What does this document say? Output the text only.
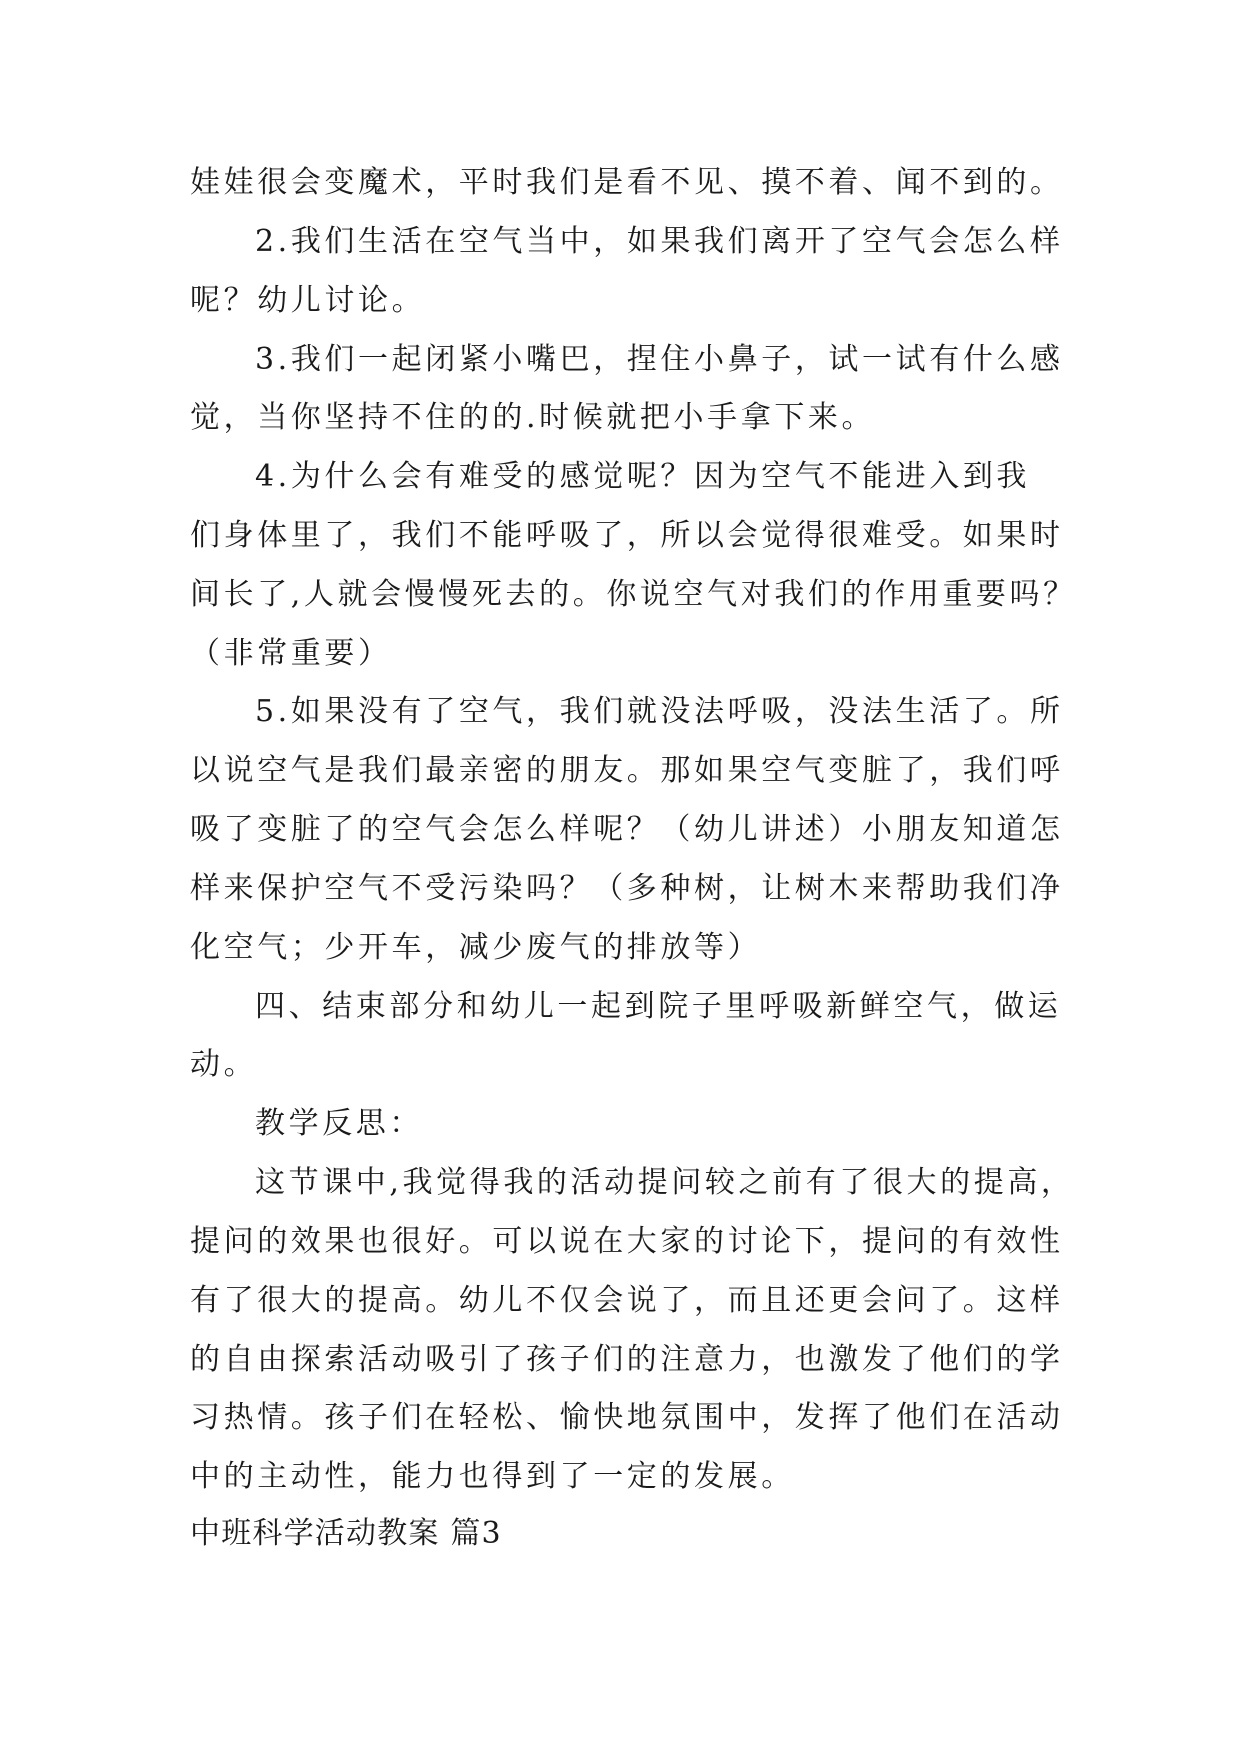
娃娃很会变魔术，平时我们是看不见、摸不着、闻不到的。
2.我们生活在空气当中，如果我们离开了空气会怎么样
呢？幼儿讨论。
3.我们一起闭紧小嘴巴，捏住小鼻子，试一试有什么感
觉，当你坚持不住的的.时候就把小手拿下来。
4.为什么会有难受的感觉呢？因为空气不能进入到我
们身体里了，我们不能呼吸了，所以会觉得很难受。如果时
间长了,人就会慢慢死去的。你说空气对我们的作用重要吗？
（非常重要）
5.如果没有了空气，我们就没法呼吸，没法生活了。所
以说空气是我们最亲密的朋友。那如果空气变脏了，我们呼
吸了变脏了的空气会怎么样呢？（幼儿讲述）小朋友知道怎
样来保护空气不受污染吗？（多种树，让树木来帮助我们净
化空气；少开车，减少废气的排放等）
四、结束部分和幼儿一起到院子里呼吸新鲜空气，做运
动。
教学反思：
这节课中,我觉得我的活动提问较之前有了很大的提高，
提问的效果也很好。可以说在大家的讨论下，提问的有效性
有了很大的提高。幼儿不仅会说了，而且还更会问了。这样
的自由探索活动吸引了孩子们的注意力，也激发了他们的学
习热情。孩子们在轻松、愉快地氛围中，发挥了他们在活动
中的主动性，能力也得到了一定的发展。
中班科学活动教案 篇3
